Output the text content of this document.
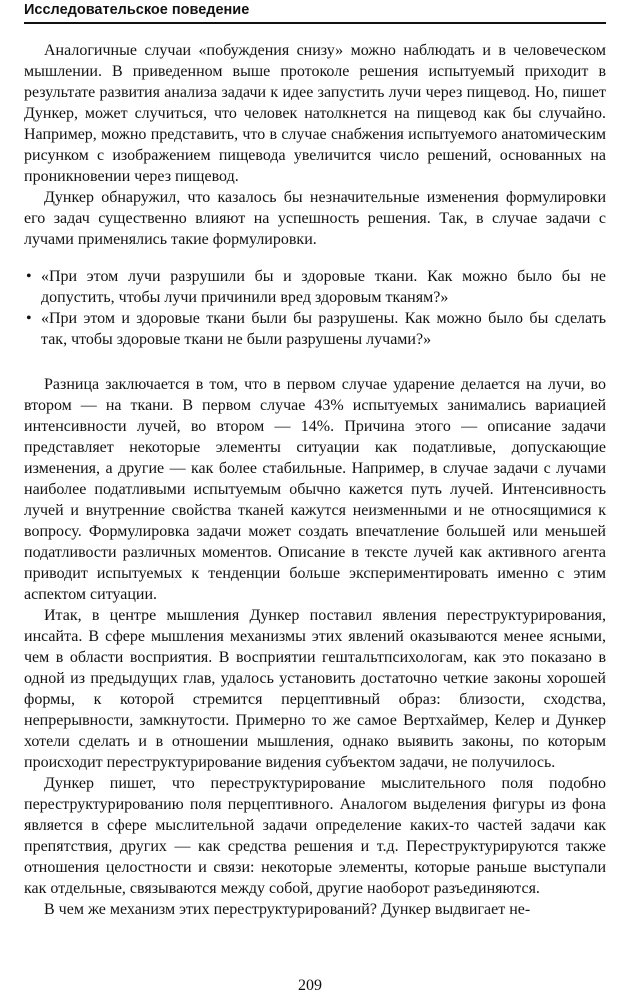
Исследовательское поведение

Аналогичные случаи «побуждения снизу» можно наблюдать и в человеческом мышлении. В приведенном выше протоколе решения испытуемый приходит в результате развития анализа задачи к идее запустить лучи через пищевод. Но, пишет Дункер, может случиться, что человек натолкнется на пищевод как бы случайно. Например, можно представить, что в случае снабжения испытуемого анатомическим рисунком с изображением пищевода увеличится число решений, основанных на проникновении через пищевод.

Дункер обнаружил, что казалось бы незначительные изменения формулировки его задач существенно влияют на успешность решения. Так, в случае задачи с лучами применялись такие формулировки.

• «При этом лучи разрушили бы и здоровые ткани. Как можно было бы не допустить, чтобы лучи причинили вред здоровым тканям?»
• «При этом и здоровые ткани были бы разрушены. Как можно было бы сделать так, чтобы здоровые ткани не были разрушены лучами?»

Разница заключается в том, что в первом случае ударение делается на лучи, во втором — на ткани. В первом случае 43% испытуемых занимались вариацией интенсивности лучей, во втором — 14%. Причина этого — описание задачи представляет некоторые элементы ситуации как податливые, допускающие изменения, а другие — как более стабильные. Например, в случае задачи с лучами наиболее податливыми испытуемым обычно кажется путь лучей. Интенсивность лучей и внутренние свойства тканей кажутся неизменными и не относящимися к вопросу. Формулировка задачи может создать впечатление большей или меньшей податливости различных моментов. Описание в тексте лучей как активного агента приводит испытуемых к тенденции больше экспериментировать именно с этим аспектом ситуации.

Итак, в центре мышления Дункер поставил явления переструктурирования, инсайта. В сфере мышления механизмы этих явлений оказываются менее ясными, чем в области восприятия. В восприятии гештальтпсихологам, как это показано в одной из предыдущих глав, удалось установить достаточно четкие законы хорошей формы, к которой стремится перцептивный образ: близости, сходства, непрерывности, замкнутости. Примерно то же самое Вертхаймер, Келер и Дункер хотели сделать и в отношении мышления, однако выявить законы, по которым происходит переструктурирование видения субъектом задачи, не получилось.

Дункер пишет, что переструктурирование мыслительного поля подобно переструктурированию поля перцептивного. Аналогом выделения фигуры из фона является в сфере мыслительной задачи определение каких-то частей задачи как препятствия, других — как средства решения и т.д. Переструктурируются также отношения целостности и связи: некоторые элементы, которые раньше выступали как отдельные, связываются между собой, другие наоборот разъединяются.

В чем же механизм этих переструктурирований? Дункер выдвигает не-

209
